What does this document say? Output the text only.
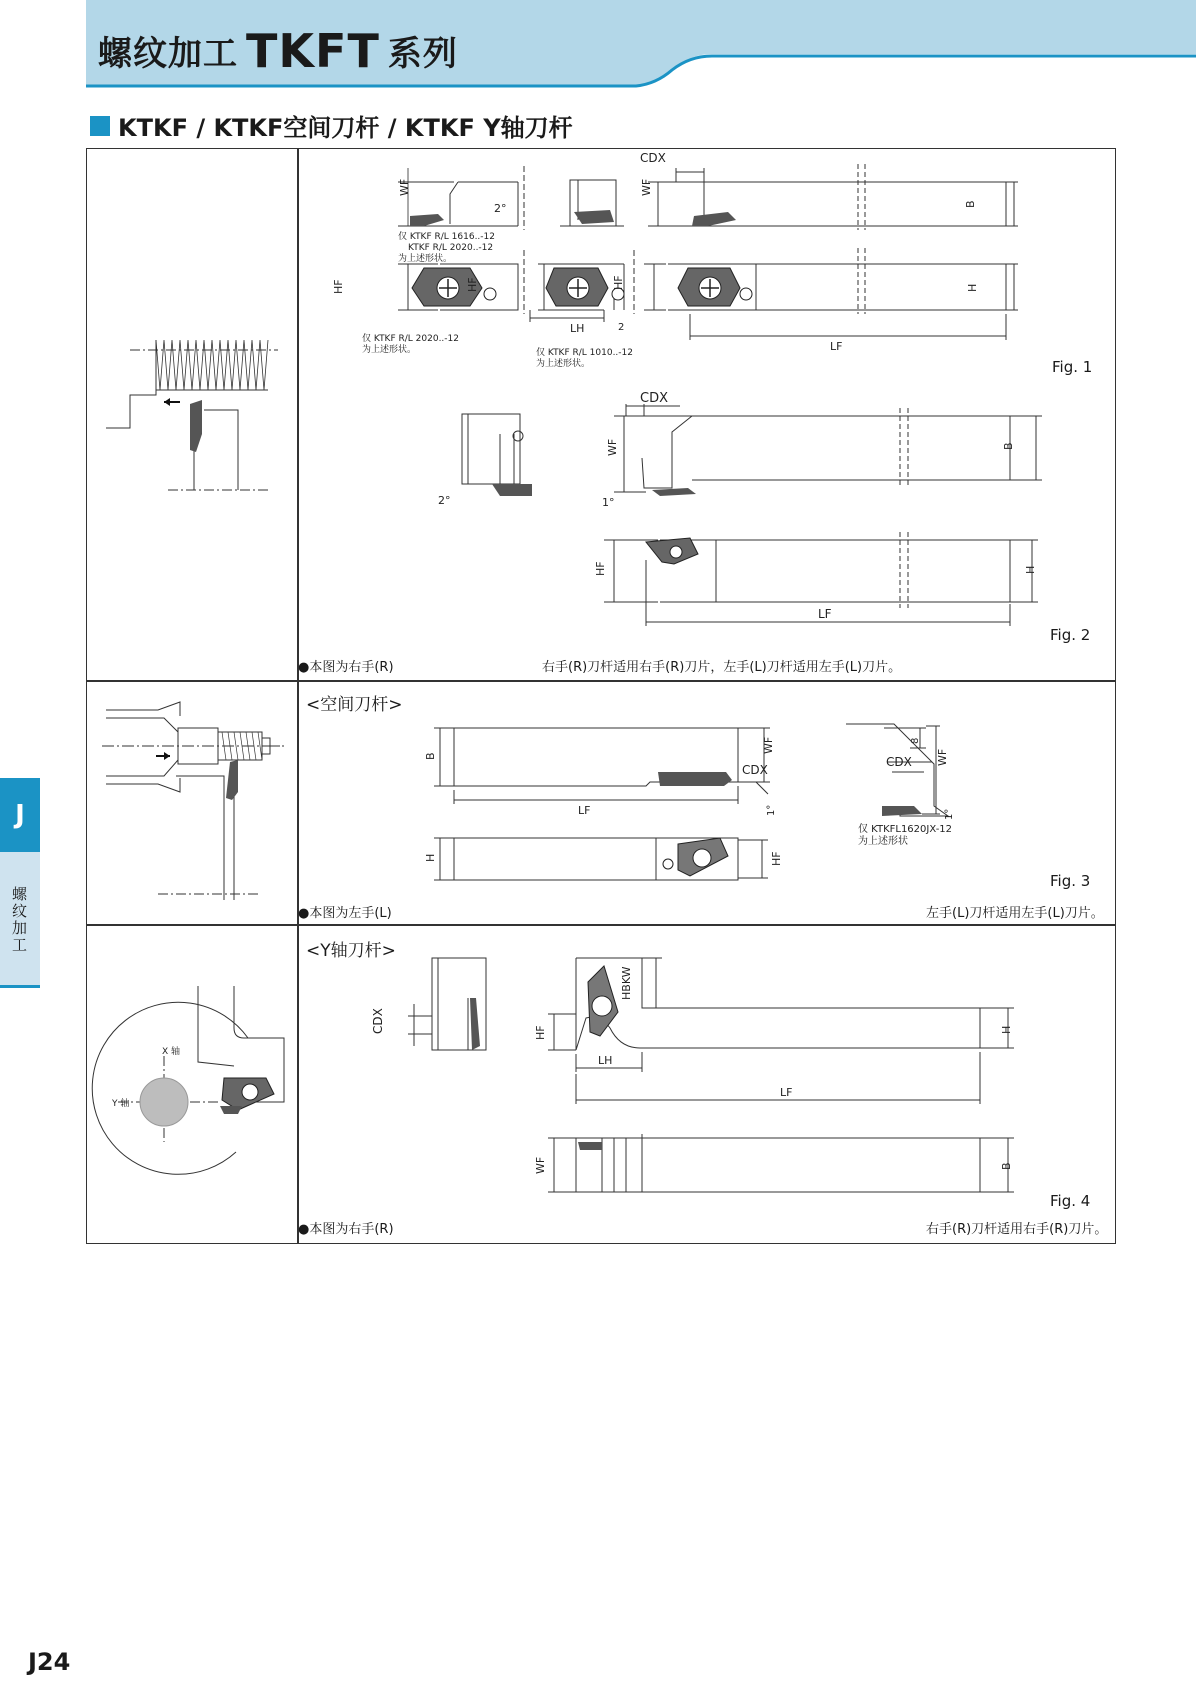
螺纹加工 TKFT 系列
KTKF / KTKF空间刀杆 / KTKF Y轴刀杆
WF	WF
B
CDX
2°
HF	HF	HF	H
LH	2
LF
仅 KTKF R/L 1616..-12
KTKF R/L 2020..-12
为上述形状。
仅 KTKF R/L 2020..-12
为上述形状。	仅 KTKF R/L 1010..-12
为上述形状。	Fig. 1
B
WF
CDX
2°	1°
HF	H
LF
Fig. 2
●本图为右手(R)	右手(R)刀杆适用右手(R)刀片，左手(L)刀杆适用左手(L)刀片。
<空间刀杆>
B
CDX
WF
1°
LF
H	HF
8
CDX WF
1°
仅 KTKFL1620JX-12
为上述形状
Fig. 3
●本图为左手(L)	左手(L)刀杆适用左手(L)刀片。
X 轴
Y 轴
<Y轴刀杆>
CDX
HBKW
HF	H
LH
LF
WF	B
Fig. 4
●本图为右手(R)	右手(R)刀杆适用右手(R)刀片。
J
螺纹加工
J24
